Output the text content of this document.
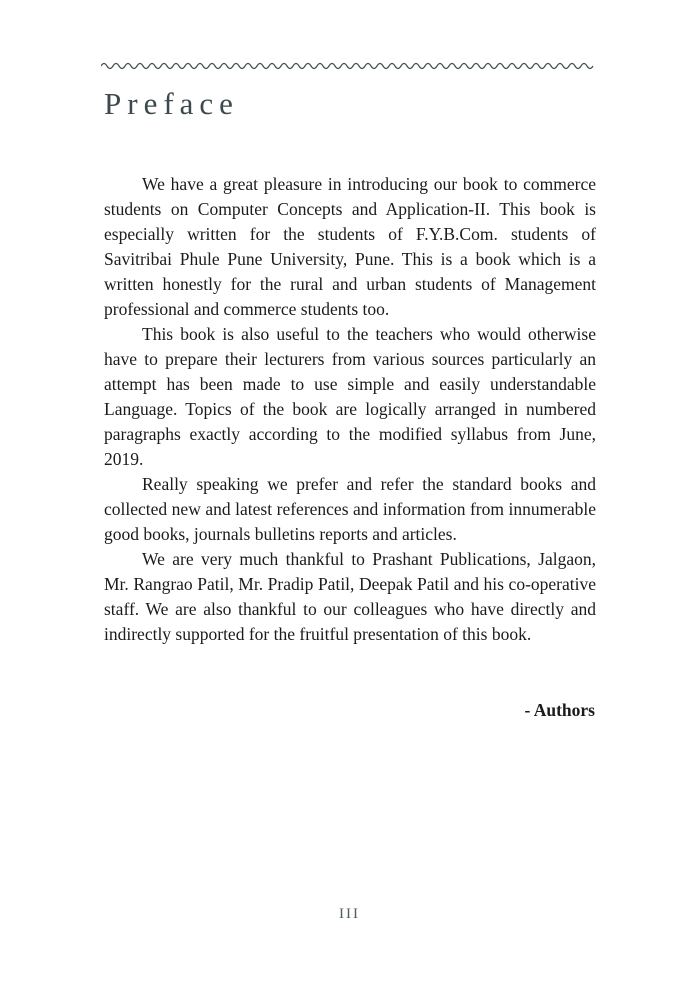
Preface

We have a great pleasure in introducing our book to commerce students on Computer Concepts and Application-II. This book is especially written for the students of F.Y.B.Com. students of Savitribai Phule Pune University, Pune. This is a book which is a written honestly for the rural and urban students of Management professional and commerce students too.

This book is also useful to the teachers who would otherwise have to prepare their lecturers from various sources particularly an attempt has been made to use simple and easily understandable Language. Topics of the book are logically arranged in numbered paragraphs exactly according to the modified syllabus from June, 2019.

Really speaking we prefer and refer the standard books and collected new and latest references and information from innumerable good books, journals bulletins reports and articles.

We are very much thankful to Prashant Publications, Jalgaon, Mr. Rangrao Patil, Mr. Pradip Patil, Deepak Patil and his co-operative staff. We are also thankful to our colleagues who have directly and indirectly supported for the fruitful presentation of this book.

- Authors
III
